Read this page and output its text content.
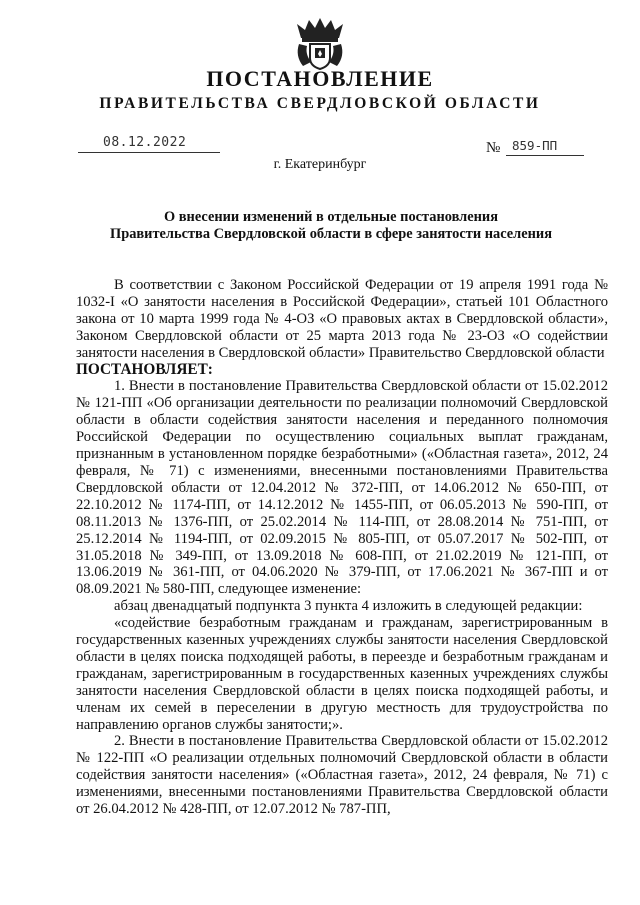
ПОСТАНОВЛЕНИЕ
ПРАВИТЕЛЬСТВА СВЕРДЛОВСКОЙ ОБЛАСТИ
08.12.2022	№ 859-ПП
г. Екатеринбург
О внесении изменений в отдельные постановления
Правительства Свердловской области в сфере занятости населения

В соответствии с Законом Российской Федерации от 19 апреля 1991 года № 1032-I «О занятости населения в Российской Федерации», статьей 101 Областного закона от 10 марта 1999 года № 4-ОЗ «О правовых актах в Свердловской области», Законом Свердловской области от 25 марта 2013 года № 23-ОЗ «О содействии занятости населения в Свердловской области» Правительство Свердловской области

ПОСТАНОВЛЯЕТ:

1. Внести в постановление Правительства Свердловской области от 15.02.2012 № 121-ПП «Об организации деятельности по реализации полномочий Свердловской области в области содействия занятости населения и переданного полномочия Российской Федерации по осуществлению социальных выплат гражданам, признанным в установленном порядке безработными» («Областная газета», 2012, 24 февраля, № 71) с изменениями, внесенными постановлениями Правительства Свердловской области от 12.04.2012 № 372-ПП, от 14.06.2012 № 650-ПП, от 22.10.2012 № 1174-ПП, от 14.12.2012 № 1455-ПП, от 06.05.2013 № 590-ПП, от 08.11.2013 № 1376-ПП, от 25.02.2014 № 114-ПП, от 28.08.2014 № 751-ПП, от 25.12.2014 № 1194-ПП, от 02.09.2015 № 805-ПП, от 05.07.2017 № 502-ПП, от 31.05.2018 № 349-ПП, от 13.09.2018 № 608-ПП, от 21.02.2019 № 121-ПП, от 13.06.2019 № 361-ПП, от 04.06.2020 № 379-ПП, от 17.06.2021 № 367-ПП и от 08.09.2021 № 580-ПП, следующее изменение:

абзац двенадцатый подпункта 3 пункта 4 изложить в следующей редакции:

«содействие безработным гражданам и гражданам, зарегистрированным в государственных казенных учреждениях службы занятости населения Свердловской области в целях поиска подходящей работы, в переезде и безработным гражданам и гражданам, зарегистрированным в государственных казенных учреждениях службы занятости населения Свердловской области в целях поиска подходящей работы, и членам их семей в переселении в другую местность для трудоустройства по направлению органов службы занятости;».

2. Внести в постановление Правительства Свердловской области от 15.02.2012 № 122-ПП «О реализации отдельных полномочий Свердловской области в области содействия занятости населения» («Областная газета», 2012, 24 февраля, № 71) с изменениями, внесенными постановлениями Правительства Свердловской области от 26.04.2012 № 428-ПП, от 12.07.2012 № 787-ПП,
